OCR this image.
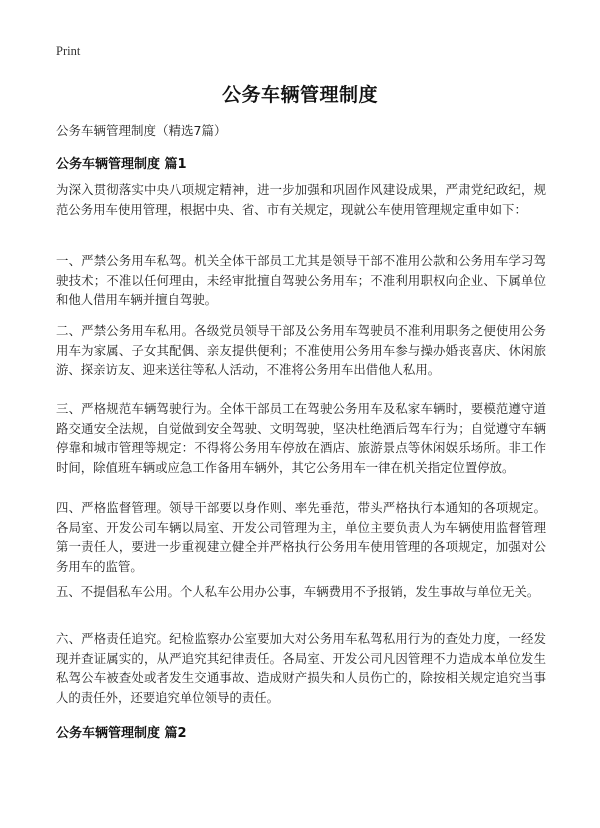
Print
公务车辆管理制度
公务车辆管理制度（精选7篇）
公务车辆管理制度 篇1
为深入贯彻落实中央八项规定精神，进一步加强和巩固作风建设成果，严肃党纪政纪，规范公务用车使用管理，根据中央、省、市有关规定，现就公车使用管理规定重申如下：
一、严禁公务用车私驾。机关全体干部员工尤其是领导干部不准用公款和公务用车学习驾驶技术；不准以任何理由，未经审批擅自驾驶公务用车；不准利用职权向企业、下属单位和他人借用车辆并擅自驾驶。
二、严禁公务用车私用。各级党员领导干部及公务用车驾驶员不准利用职务之便使用公务用车为家属、子女其配偶、亲友提供便利；不准使用公务用车参与操办婚丧喜庆、休闲旅游、探亲访友、迎来送往等私人活动，不准将公务用车出借他人私用。
三、严格规范车辆驾驶行为。全体干部员工在驾驶公务用车及私家车辆时，要模范遵守道路交通安全法规，自觉做到安全驾驶、文明驾驶，坚决杜绝酒后驾车行为；自觉遵守车辆停靠和城市管理等规定：不得将公务用车停放在酒店、旅游景点等休闲娱乐场所。非工作时间，除值班车辆或应急工作备用车辆外，其它公务用车一律在机关指定位置停放。
四、严格监督管理。领导干部要以身作则、率先垂范，带头严格执行本通知的各项规定。各局室、开发公司车辆以局室、开发公司管理为主，单位主要负责人为车辆使用监督管理第一责任人，要进一步重视建立健全并严格执行公务用车使用管理的各项规定，加强对公务用车的监管。
五、不提倡私车公用。个人私车公用办公事，车辆费用不予报销，发生事故与单位无关。
六、严格责任追究。纪检监察办公室要加大对公务用车私驾私用行为的查处力度，一经发现并查证属实的，从严追究其纪律责任。各局室、开发公司凡因管理不力造成本单位发生私驾公车被查处或者发生交通事故、造成财产损失和人员伤亡的，除按相关规定追究当事人的责任外，还要追究单位领导的责任。
公务车辆管理制度 篇2
